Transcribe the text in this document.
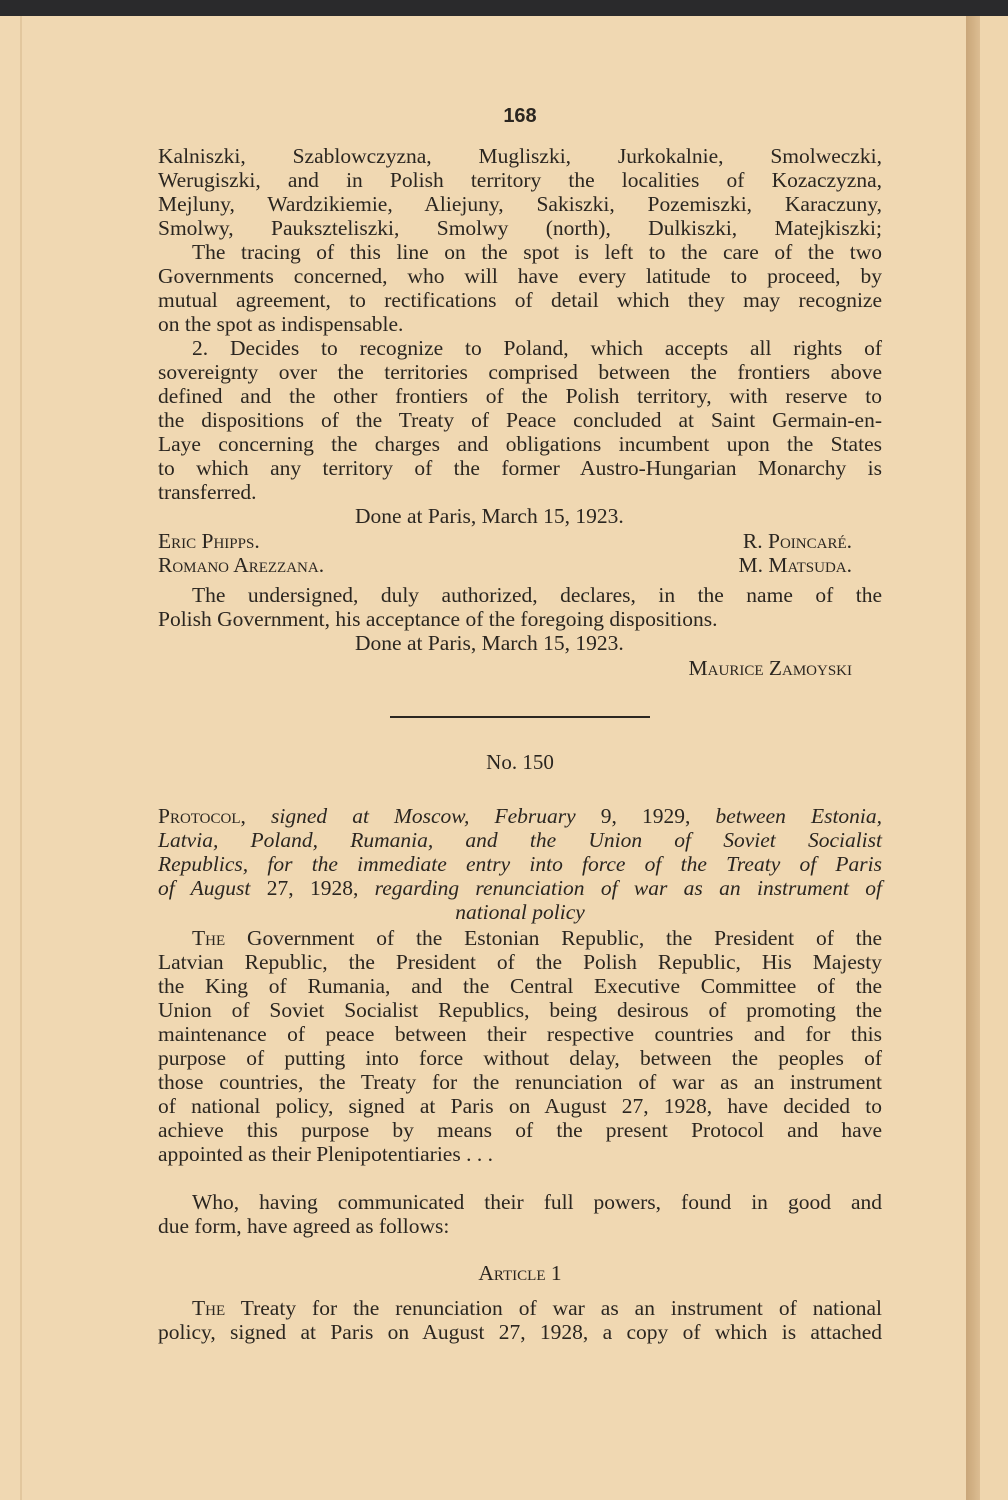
168
No. 150
Kalniszki, Szablowczyzna, Mugliszki, Jurkokalnie, Smolweczki,
Werugiszki, and in Polish territory the localities of Kozaczyzna,
Mejluny, Wardzikiemie, Aliejuny, Sakiszki, Pozemiszki, Karaczuny,
Smolwy, Paukszteliszki, Smolwy (north), Dulkiszki, Matejkiszki;
The tracing of this line on the spot is left to the care of the two
Governments concerned, who will have every latitude to proceed, by
mutual agreement, to rectifications of detail which they may recognize
on the spot as indispensable.
2. Decides to recognize to Poland, which accepts all rights of
sovereignty over the territories comprised between the frontiers above
defined and the other frontiers of the Polish territory, with reserve to
the dispositions of the Treaty of Peace concluded at Saint Germain-en-
Laye concerning the charges and obligations incumbent upon the States
to which any territory of the former Austro-Hungarian Monarchy is
transferred.
Done at Paris, March 15, 1923.
Eric Phipps.	R. Poincaré.
Romano Arezzana.	M. Matsuda.
The undersigned, duly authorized, declares, in the name of the
Polish Government, his acceptance of the foregoing dispositions.
Done at Paris, March 15, 1923.
Maurice Zamoyski
Protocol, signed at Moscow, February 9, 1929, between Estonia,
Latvia, Poland, Rumania, and the Union of Soviet Socialist
Republics, for the immediate entry into force of the Treaty of Paris
of August 27, 1928, regarding renunciation of war as an instrument of
national policy
The Government of the Estonian Republic, the President of the
Latvian Republic, the President of the Polish Republic, His Majesty
the King of Rumania, and the Central Executive Committee of the
Union of Soviet Socialist Republics, being desirous of promoting the
maintenance of peace between their respective countries and for this
purpose of putting into force without delay, between the peoples of
those countries, the Treaty for the renunciation of war as an instrument
of national policy, signed at Paris on August 27, 1928, have decided to
achieve this purpose by means of the present Protocol and have
appointed as their Plenipotentiaries . . .
Who, having communicated their full powers, found in good and
due form, have agreed as follows:
Article 1
The Treaty for the renunciation of war as an instrument of national
policy, signed at Paris on August 27, 1928, a copy of which is attached
